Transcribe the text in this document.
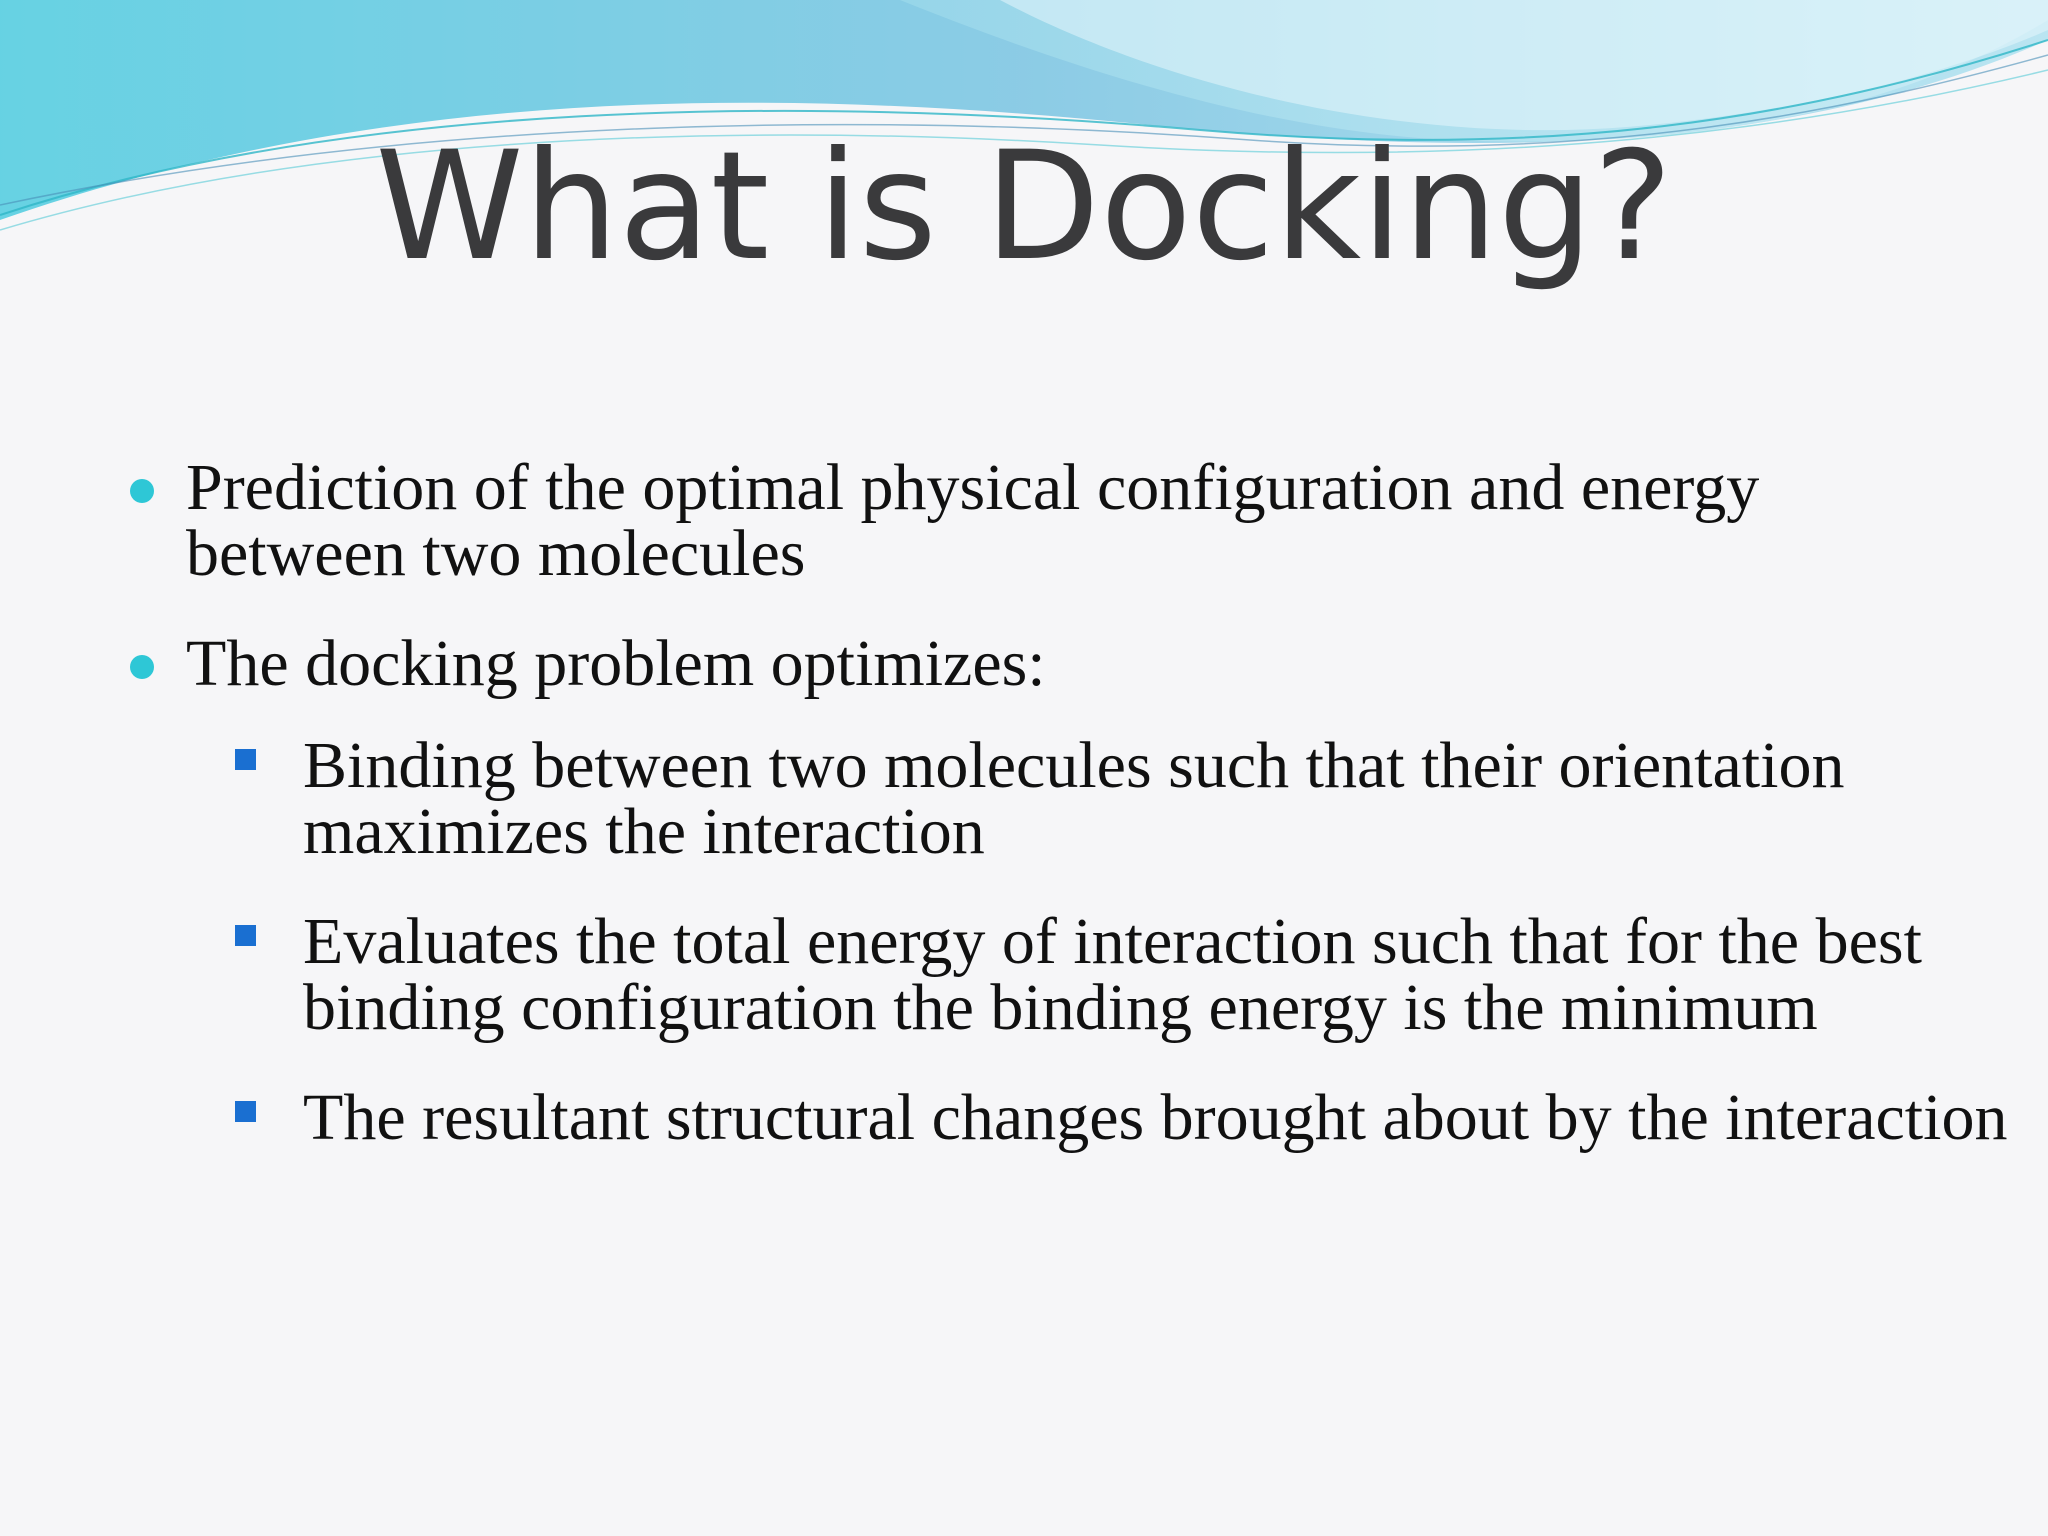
What is Docking?
Prediction of the optimal physical configuration and energy between two molecules
The docking problem optimizes:
Binding between two molecules such that their orientation maximizes the interaction
Evaluates the total energy of interaction such that for the best binding configuration the binding energy is the minimum
The resultant structural changes brought about by the interaction
